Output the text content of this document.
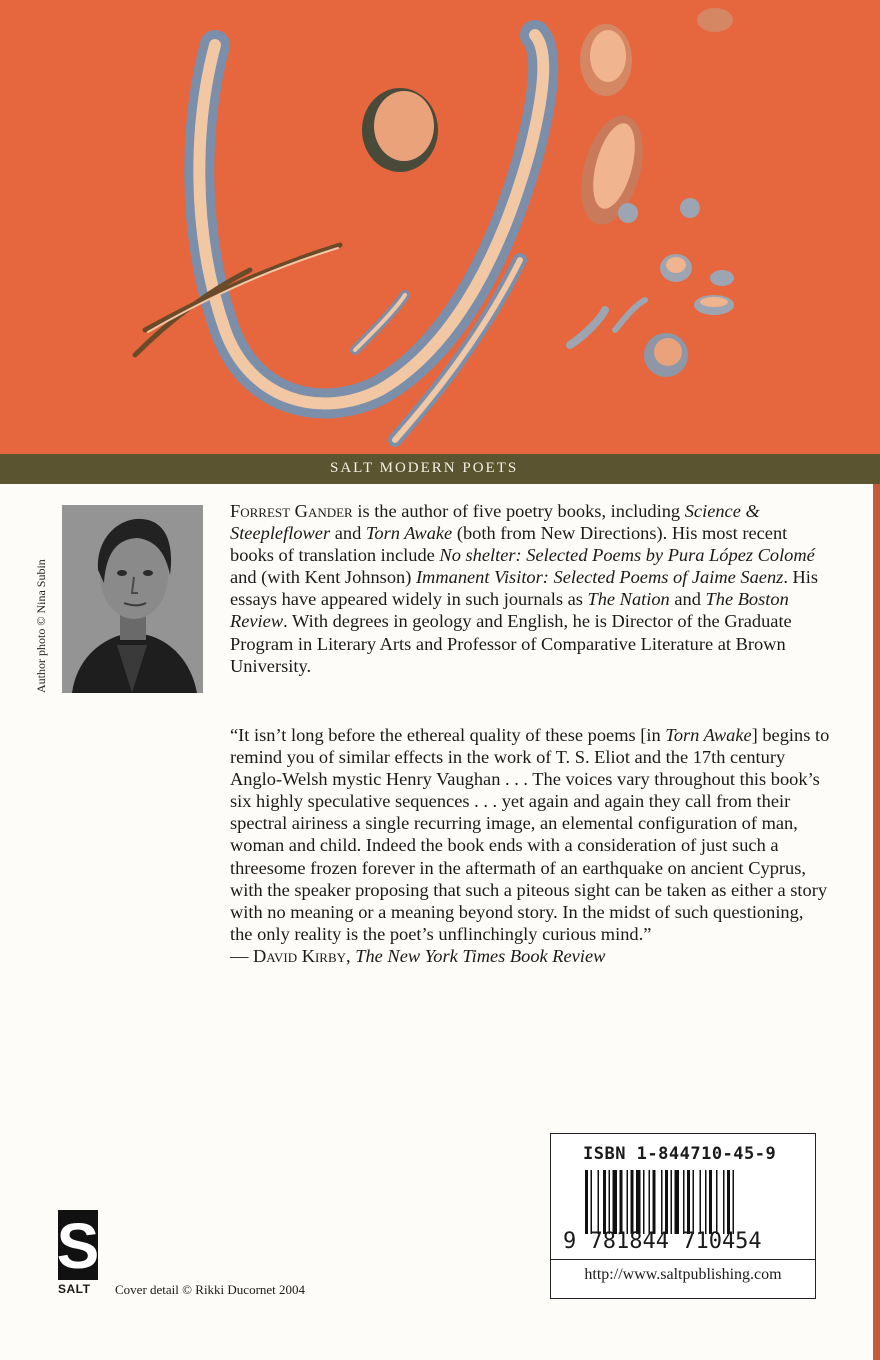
SALT MODERN POETS
Author photo © Nina Subin

Forrest Gander is the author of five poetry books, including Science & Steepleflower and Torn Awake (both from New Directions). His most recent books of translation include No shelter: Selected Poems by Pura López Colomé and (with Kent Johnson) Immanent Visitor: Selected Poems of Jaime Saenz. His essays have appeared widely in such journals as The Nation and The Boston Review. With degrees in geology and English, he is Director of the Graduate Program in Literary Arts and Professor of Comparative Literature at Brown University.

“It isn’t long before the ethereal quality of these poems [in Torn Awake] begins to remind you of similar effects in the work of T. S. Eliot and the 17th century Anglo-Welsh mystic Henry Vaughan . . . The voices vary throughout this book’s six highly speculative sequences . . . yet again and again they call from their spectral airiness a single recurring image, an elemental configuration of man, woman and child. Indeed the book ends with a consideration of just such a threesome frozen forever in the aftermath of an earthquake on ancient Cyprus, with the speaker proposing that such a piteous sight can be taken as either a story with no meaning or a meaning beyond story. In the midst of such questioning, the only reality is the poet’s unflinchingly curious mind.”

— David Kirby, The New York Times Book Review

S
SALT Cover detail © Rikki Ducornet 2004
ISBN 1-844710-45-9
9 781844 710454
http://www.saltpublishing.com
